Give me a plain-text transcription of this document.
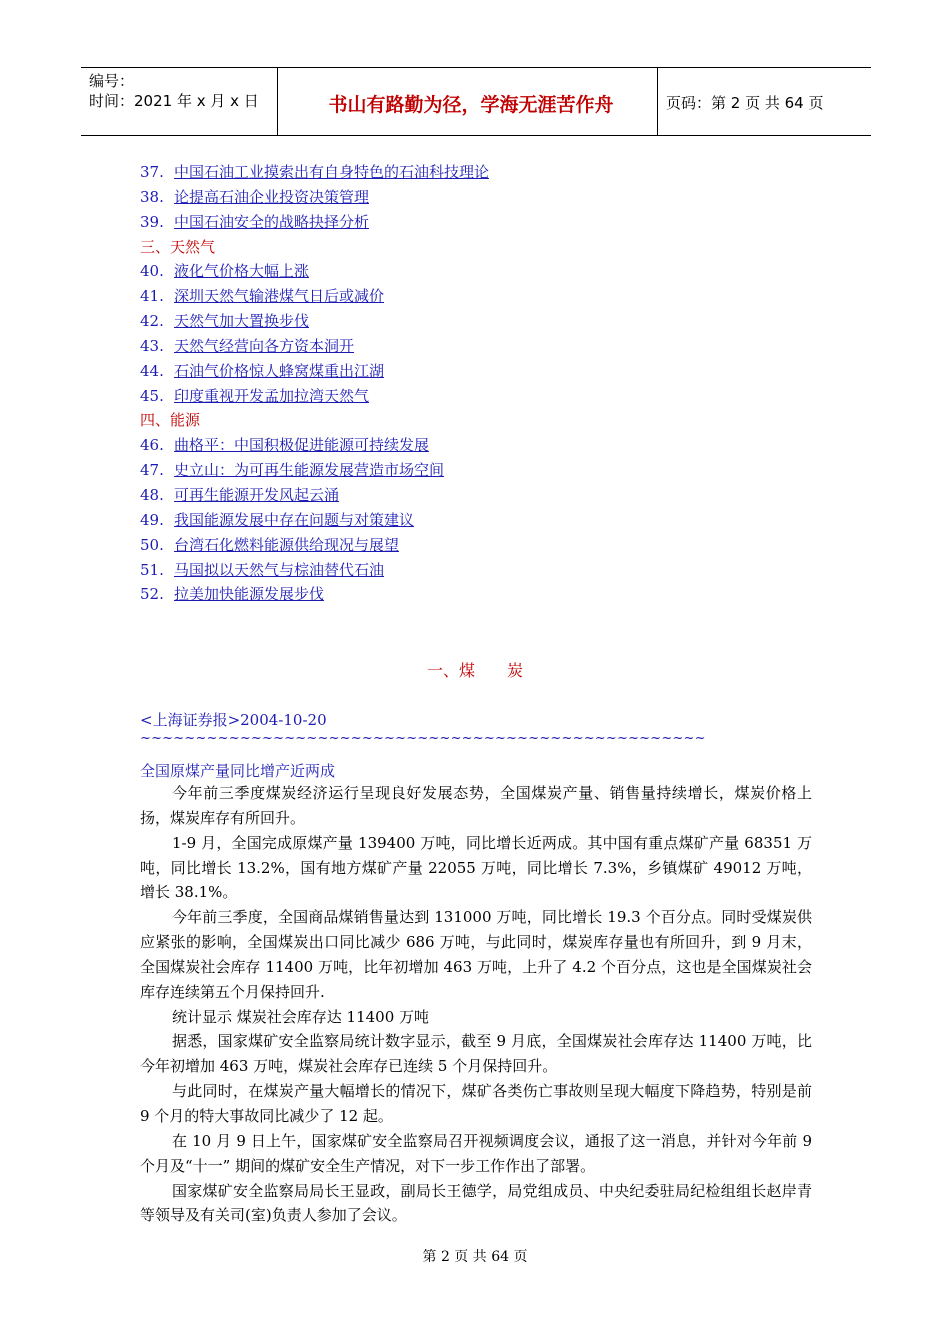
编号：
时间：2021 年 x 月 x 日	书山有路勤为径，学海无涯苦作舟	页码：第 2 页 共 64 页
37. 中国石油工业摸索出有自身特色的石油科技理论
38. 论提高石油企业投资决策管理
39. 中国石油安全的战略抉择分析
三、天然气
40. 液化气价格大幅上涨
41. 深圳天然气输港煤气日后或减价
42. 天然气加大置换步伐
43. 天然气经营向各方资本洞开
44. 石油气价格惊人蜂窝煤重出江湖
45. 印度重视开发孟加拉湾天然气
四、能源
46. 曲格平：中国积极促进能源可持续发展
47. 史立山：为可再生能源发展营造市场空间
48. 可再生能源开发风起云涌
49. 我国能源发展中存在问题与对策建议
50. 台湾石化燃料能源供给现况与展望
51. 马国拟以天然气与棕油替代石油
52. 拉美加快能源发展步伐
一、煤　　炭
<上海证券报>2004-10-20
~~~~~~~~~~~~~~~~~~~~~~~~~~~~~~~~~~~~~~~~~~~~~~~~~~~
全国原煤产量同比增产近两成

今年前三季度煤炭经济运行呈现良好发展态势，全国煤炭产量、销售量持续增长，煤炭价格上扬，煤炭库存有所回升。

1-9 月，全国完成原煤产量 139400 万吨，同比增长近两成。其中国有重点煤矿产量 68351 万吨，同比增长 13.2%，国有地方煤矿产量 22055 万吨，同比增长 7.3%，乡镇煤矿 49012 万吨，增长 38.1%。

今年前三季度，全国商品煤销售量达到 131000 万吨，同比增长 19.3 个百分点。同时受煤炭供应紧张的影响，全国煤炭出口同比减少 686 万吨，与此同时，煤炭库存量也有所回升，到 9 月末，全国煤炭社会库存 11400 万吨，比年初增加 463 万吨，上升了 4.2 个百分点，这也是全国煤炭社会库存连续第五个月保持回升.

统计显示 煤炭社会库存达 11400 万吨

据悉，国家煤矿安全监察局统计数字显示，截至 9 月底，全国煤炭社会库存达 11400 万吨，比今年初增加 463 万吨，煤炭社会库存已连续 5 个月保持回升。

与此同时，在煤炭产量大幅增长的情况下，煤矿各类伤亡事故则呈现大幅度下降趋势，特别是前 9 个月的特大事故同比减少了 12 起。

在 10 月 9 日上午，国家煤矿安全监察局召开视频调度会议，通报了这一消息，并针对今年前 9 个月及“十一” 期间的煤矿安全生产情况，对下一步工作作出了部署。

国家煤矿安全监察局局长王显政，副局长王德学，局党组成员、中央纪委驻局纪检组组长赵岸青等领导及有关司(室)负责人参加了会议。

第 2 页 共 64 页
